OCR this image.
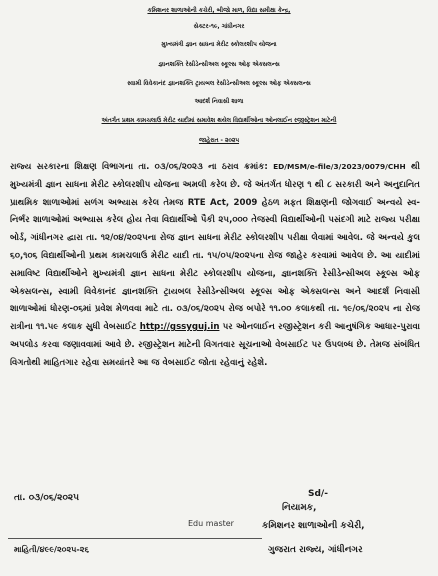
કમિશનર શાળાઓની કચેરી, બીજો માળ, વિદ્યા સમીક્ષા કેન્દ્ર,
સેક્ટર-૧૯, ગાંધીનગર
મુખ્યમંત્રી જ્ઞાન સાધના મેરીટ સ્કોલરશીપ યોજના
જ્ઞાનશક્તિ રેસીડેન્સીઅલ સ્કૂલ્સ ઓફ એક્સલન્સ
સ્વામી વિવેકાનંદ જ્ઞાનશક્તિ ટ્રાયબલ રેસીડેન્સીઅલ સ્કૂલ્સ ઓફ એક્સલન્સ
આદર્શ નિવાસી શાળા
અંતર્ગત પ્રથમ કામચલાઉ મેરીટ યાદીમાં સમાવેશ થયેલ વિદ્યાર્થીઓના ઓનલાઈન રજીસ્ટ્રેશન માટેની
જાહેરાત - ૨૦૨૫

રાજ્ય સરકારના શિક્ષણ વિભાગના તા. ૦૩/૦૬/૨૦૨૩ ના ઠરાવ ક્રમાંક: ED/MSM/e-file/3/2023/0079/CHH થી મુખ્યમંત્રી જ્ઞાન સાધના મેરીટ સ્કોલરશીપ યોજના અમલી કરેલ છે. જે અંતર્ગત ધોરણ ૧ થી ૮ સરકારી અને અનુદાનિત પ્રાથમિક શાળાઓમાં સળંગ અભ્યાસ કરેલ તેમજ RTE Act, 2009 હેઠળ મફત શિક્ષણની જોગવાઈ અન્વયે સ્વ-નિર્ભર શાળાઓમાં અભ્યાસ કરેલ હોય તેવા વિદ્યાર્થીઓ પૈકી ૨૫,૦૦૦ તેજસ્વી વિદ્યાર્થીઓની પસંદગી માટે રાજ્ય પરીક્ષા બોર્ડ, ગાંધીનગર દ્વારા તા. ૧૨/૦૪/૨૦૨૫ના રોજ જ્ઞાન સાધના મેરીટ સ્કોલરશીપ પરીક્ષા લેવામાં આવેલ. જે અન્વયે કુલ ૬૦,૧૦૬ વિદ્યાર્થીઓની પ્રથમ કામચલાઉ મેરીટ યાદી તા. ૧૫/૦૫/૨૦૨૫ના રોજ જાહેર કરવામાં આવેલ છે. આ યાદીમાં સમાવિષ્ટ વિદ્યાર્થીઓને મુખ્યમંત્રી જ્ઞાન સાધના મેરીટ સ્કોલરશીપ યોજના, જ્ઞાનશક્તિ રેસીડેન્સીઅલ સ્કૂલ્સ ઓફ એક્સલન્સ, સ્વામી વિવેકાનંદ જ્ઞાનશક્તિ ટ્રાયબલ રેસીડેન્સીઅલ સ્કૂલ્સ ઓફ એક્સલન્સ અને આદર્શ નિવાસી શાળાઓમાં ધોરણ-૦૬માં પ્રવેશ મેળવવા માટે તા. ૦૩/૦૬/૨૦૨૫ રોજ બપોરે ૧૧.૦૦ કલાકથી તા. ૧૯/૦૬/૨૦૨૫ ના રોજ રાત્રીના ૧૧.૫૯ કલાક સુધી વેબસાઈટ http://gssyguj.in પર ઓનલાઈન રજીસ્ટ્રેશન કરી આનુષંગિક આધાર-પુરાવા અપલોડ કરવા જણાવવામાં આવે છે. રજીસ્ટ્રેશન માટેની વિગતવાર સૂચનાઓ વેબસાઈટ પર ઉપલબ્ધ છે. તેમજ સંબંધિત વિગતોથી માહિતગાર રહેવા સમયાંતરે આ જ વેબસાઈટ જોતા રહેવાનું રહેશે.

Sd/-
નિયામક,
કમિશનર શાળાઓની કચેરી,
ગુજરાત રાજ્ય, ગાંધીનગર
તા. ૦૩/૦૬/૨૦૨૫
Edu master
માહિતી/૪૯૯/૨૦૨૫-૨૬
